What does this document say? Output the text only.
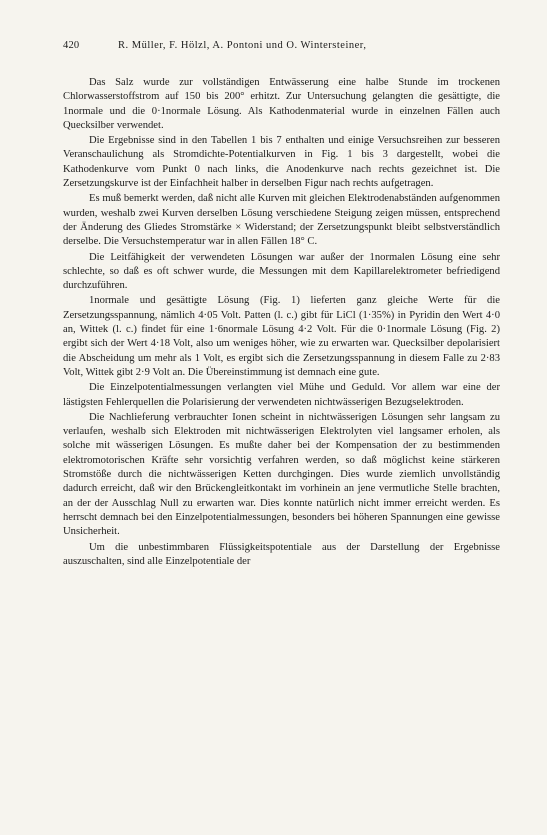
420	R. Müller, F. Hölzl, A. Pontoni und O. Wintersteiner,

Das Salz wurde zur vollständigen Entwässerung eine halbe Stunde im trockenen Chlorwasserstoffstrom auf 150 bis 200° erhitzt. Zur Untersuchung gelangten die gesättigte, die 1normale und die 0·1normale Lösung. Als Kathodenmaterial wurde in einzelnen Fällen auch Quecksilber verwendet.

Die Ergebnisse sind in den Tabellen 1 bis 7 enthalten und einige Versuchsreihen zur besseren Veranschaulichung als Stromdichte-Potentialkurven in Fig. 1 bis 3 dargestellt, wobei die Kathodenkurve vom Punkt 0 nach links, die Anodenkurve nach rechts gezeichnet ist. Die Zersetzungskurve ist der Einfachheit halber in derselben Figur nach rechts aufgetragen.

Es muß bemerkt werden, daß nicht alle Kurven mit gleichen Elektrodenabständen aufgenommen wurden, weshalb zwei Kurven derselben Lösung verschiedene Steigung zeigen müssen, entsprechend der Änderung des Gliedes Stromstärke × Widerstand; der Zersetzungspunkt bleibt selbstverständlich derselbe. Die Versuchstemperatur war in allen Fällen 18° C.

Die Leitfähigkeit der verwendeten Lösungen war außer der 1normalen Lösung eine sehr schlechte, so daß es oft schwer wurde, die Messungen mit dem Kapillarelektrometer befriedigend durchzuführen.

1normale und gesättigte Lösung (Fig. 1) lieferten ganz gleiche Werte für die Zersetzungsspannung, nämlich 4·05 Volt. Patten (l. c.) gibt für LiCl (1·35%) in Pyridin den Wert 4·0 an, Wittek (l. c.) findet für eine 1·6normale Lösung 4·2 Volt. Für die 0·1normale Lösung (Fig. 2) ergibt sich der Wert 4·18 Volt, also um weniges höher, wie zu erwarten war. Quecksilber depolarisiert die Abscheidung um mehr als 1 Volt, es ergibt sich die Zersetzungsspannung in diesem Falle zu 2·83 Volt, Wittek gibt 2·9 Volt an. Die Übereinstimmung ist demnach eine gute.

Die Einzelpotentialmessungen verlangten viel Mühe und Geduld. Vor allem war eine der lästigsten Fehlerquellen die Polarisierung der verwendeten nichtwässerigen Bezugselektroden.

Die Nachlieferung verbrauchter Ionen scheint in nichtwässerigen Lösungen sehr langsam zu verlaufen, weshalb sich Elektroden mit nichtwässerigen Elektrolyten viel langsamer erholen, als solche mit wässerigen Lösungen. Es mußte daher bei der Kompensation der zu bestimmenden elektromotorischen Kräfte sehr vorsichtig verfahren werden, so daß möglichst keine stärkeren Stromstöße durch die nichtwässerigen Ketten durchgingen. Dies wurde ziemlich unvollständig dadurch erreicht, daß wir den Brückengleitkontakt im vorhinein an jene vermutliche Stelle brachten, an der der Ausschlag Null zu erwarten war. Dies konnte natürlich nicht immer erreicht werden. Es herrscht demnach bei den Einzelpotentialmessungen, besonders bei höheren Spannungen eine gewisse Unsicherheit.

Um die unbestimmbaren Flüssigkeitspotentiale aus der Darstellung der Ergebnisse auszuschalten, sind alle Einzelpotentiale der
